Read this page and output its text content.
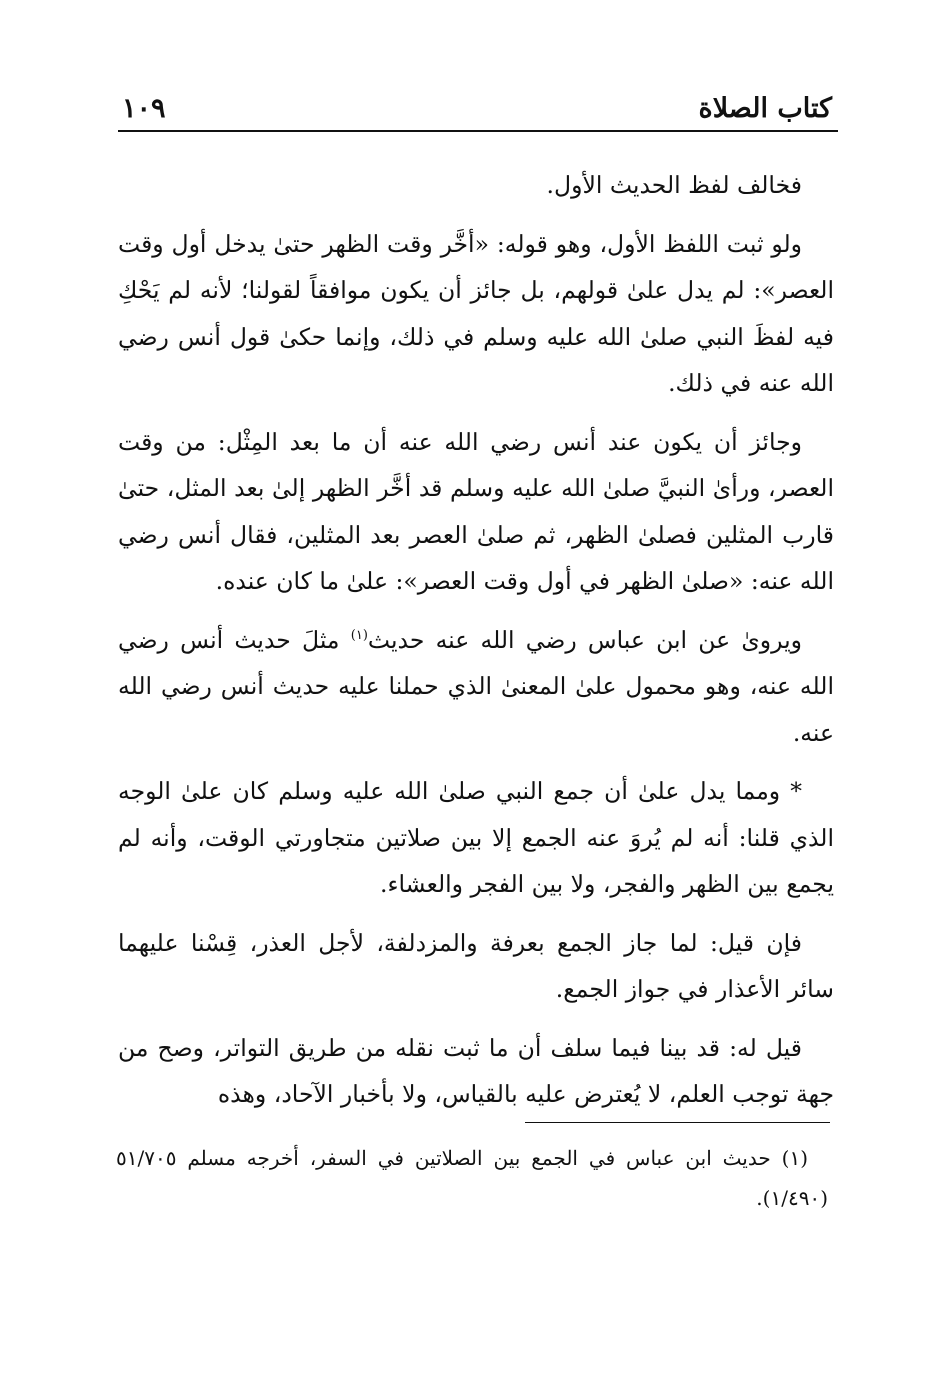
كتاب الصلاة
١٠٩

فخالف لفظ الحديث الأول.

ولو ثبت اللفظ الأول، وهو قوله: «أخَّر وقت الظهر حتىٰ يدخل أول وقت العصر»: لم يدل علىٰ قولهم، بل جائز أن يكون موافقاً لقولنا؛ لأنه لم يَحْكِ فيه لفظَ النبي صلىٰ الله عليه وسلم في ذلك، وإنما حكىٰ قول أنس رضي الله عنه في ذلك.

وجائز أن يكون عند أنس رضي الله عنه أن ما بعد المِثْل: من وقت العصر، ورأىٰ النبيَّ صلىٰ الله عليه وسلم قد أخَّر الظهر إلىٰ بعد المثل، حتىٰ قارب المثلين فصلىٰ الظهر، ثم صلىٰ العصر بعد المثلين، فقال أنس رضي الله عنه: «صلىٰ الظهر في أول وقت العصر»: علىٰ ما كان عنده.

ويروىٰ عن ابن عباس رضي الله عنه حديث$^{(١)}$ مثلَ حديث أنس رضي الله عنه، وهو محمول علىٰ المعنىٰ الذي حملنا عليه حديث أنس رضي الله عنه.

* ومما يدل علىٰ أن جمع النبي صلىٰ الله عليه وسلم كان علىٰ الوجه الذي قلنا: أنه لم يُروَ عنه الجمع إلا بين صلاتين متجاورتي الوقت، وأنه لم يجمع بين الظهر والفجر، ولا بين الفجر والعشاء.

فإن قيل: لما جاز الجمع بعرفة والمزدلفة، لأجل العذر، قِسْنا عليهما سائر الأعذار في جواز الجمع.

قيل له: قد بينا فيما سلف أن ما ثبت نقله من طريق التواتر، وصح من جهة توجب العلم، لا يُعترض عليه بالقياس، ولا بأخبار الآحاد، وهذه

(١) حديث ابن عباس في الجمع بين الصلاتين في السفر، أخرجه مسلم ٥١/٧٠٥ (١/٤٩٠).
